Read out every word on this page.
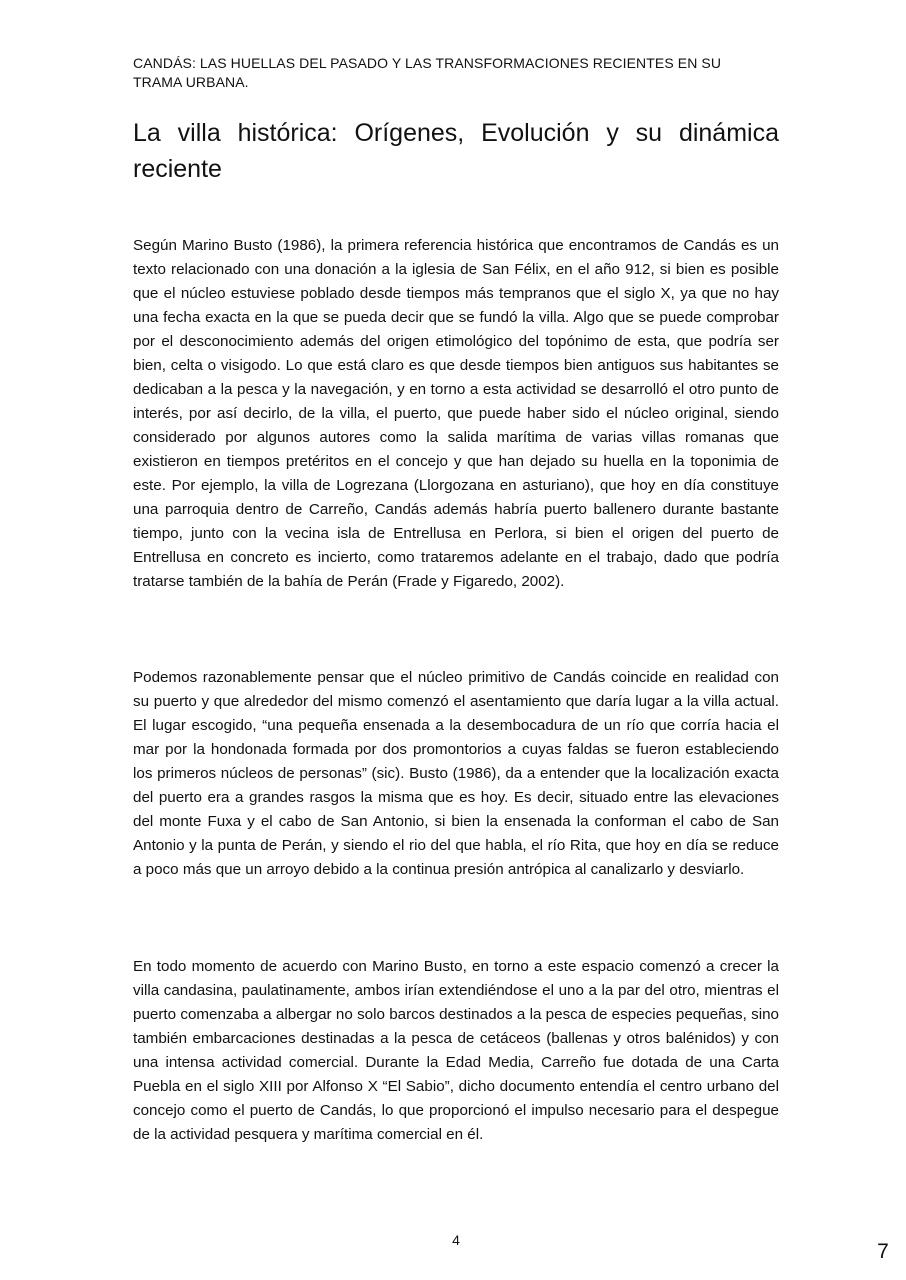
CANDÁS: LAS HUELLAS DEL PASADO Y LAS TRANSFORMACIONES RECIENTES EN SU TRAMA URBANA.
La villa histórica: Orígenes, Evolución y su dinámica reciente

Según Marino Busto (1986), la primera referencia histórica que encontramos de Candás es un texto relacionado con una donación a la iglesia de San Félix, en el año 912, si bien es posible que el núcleo estuviese poblado desde tiempos más tempranos que el siglo X, ya que no hay una fecha exacta en la que se pueda decir que se fundó la villa. Algo que se puede comprobar por el desconocimiento además del origen etimológico del topónimo de esta, que podría ser bien, celta o visigodo. Lo que está claro es que desde tiempos bien antiguos sus habitantes se dedicaban a la pesca y la navegación, y en torno a esta actividad se desarrolló el otro punto de interés, por así decirlo, de la villa, el puerto, que puede haber sido el núcleo original, siendo considerado por algunos autores como la salida marítima de varias villas romanas que existieron en tiempos pretéritos en el concejo y que han dejado su huella en la toponimia de este. Por ejemplo, la villa de Logrezana (Llorgozana en asturiano), que hoy en día constituye una parroquia dentro de Carreño, Candás además habría puerto ballenero durante bastante tiempo, junto con la vecina isla de Entrellusa en Perlora, si bien el origen del puerto de Entrellusa en concreto es incierto, como trataremos adelante en el trabajo, dado que podría tratarse también de la bahía de Perán (Frade y Figaredo, 2002).

Podemos razonablemente pensar que el núcleo primitivo de Candás coincide en realidad con su puerto y que alrededor del mismo comenzó el asentamiento que daría lugar a la villa actual. El lugar escogido, “una pequeña ensenada a la desembocadura de un río que corría hacia el mar por la hondonada formada por dos promontorios a cuyas faldas se fueron estableciendo los primeros núcleos de personas” (sic). Busto (1986), da a entender que la localización exacta del puerto era a grandes rasgos la misma que es hoy. Es decir, situado entre las elevaciones del monte Fuxa y el cabo de San Antonio, si bien la ensenada la conforman el cabo de San Antonio y la punta de Perán, y siendo el rio del que habla, el río Rita, que hoy en día se reduce a poco más que un arroyo debido a la continua presión antrópica al canalizarlo y desviarlo.

En todo momento de acuerdo con Marino Busto, en torno a este espacio comenzó a crecer la villa candasina, paulatinamente, ambos irían extendiéndose el uno a la par del otro, mientras el puerto comenzaba a albergar no solo barcos destinados a la pesca de especies pequeñas, sino también embarcaciones destinadas a la pesca de cetáceos (ballenas y otros balénidos) y con una intensa actividad comercial. Durante la Edad Media, Carreño fue dotada de una Carta Puebla en el siglo XIII por Alfonso X “El Sabio”, dicho documento entendía el centro urbano del concejo como el puerto de Candás, lo que proporcionó el impulso necesario para el despegue de la actividad pesquera y marítima comercial en él.

4	7
